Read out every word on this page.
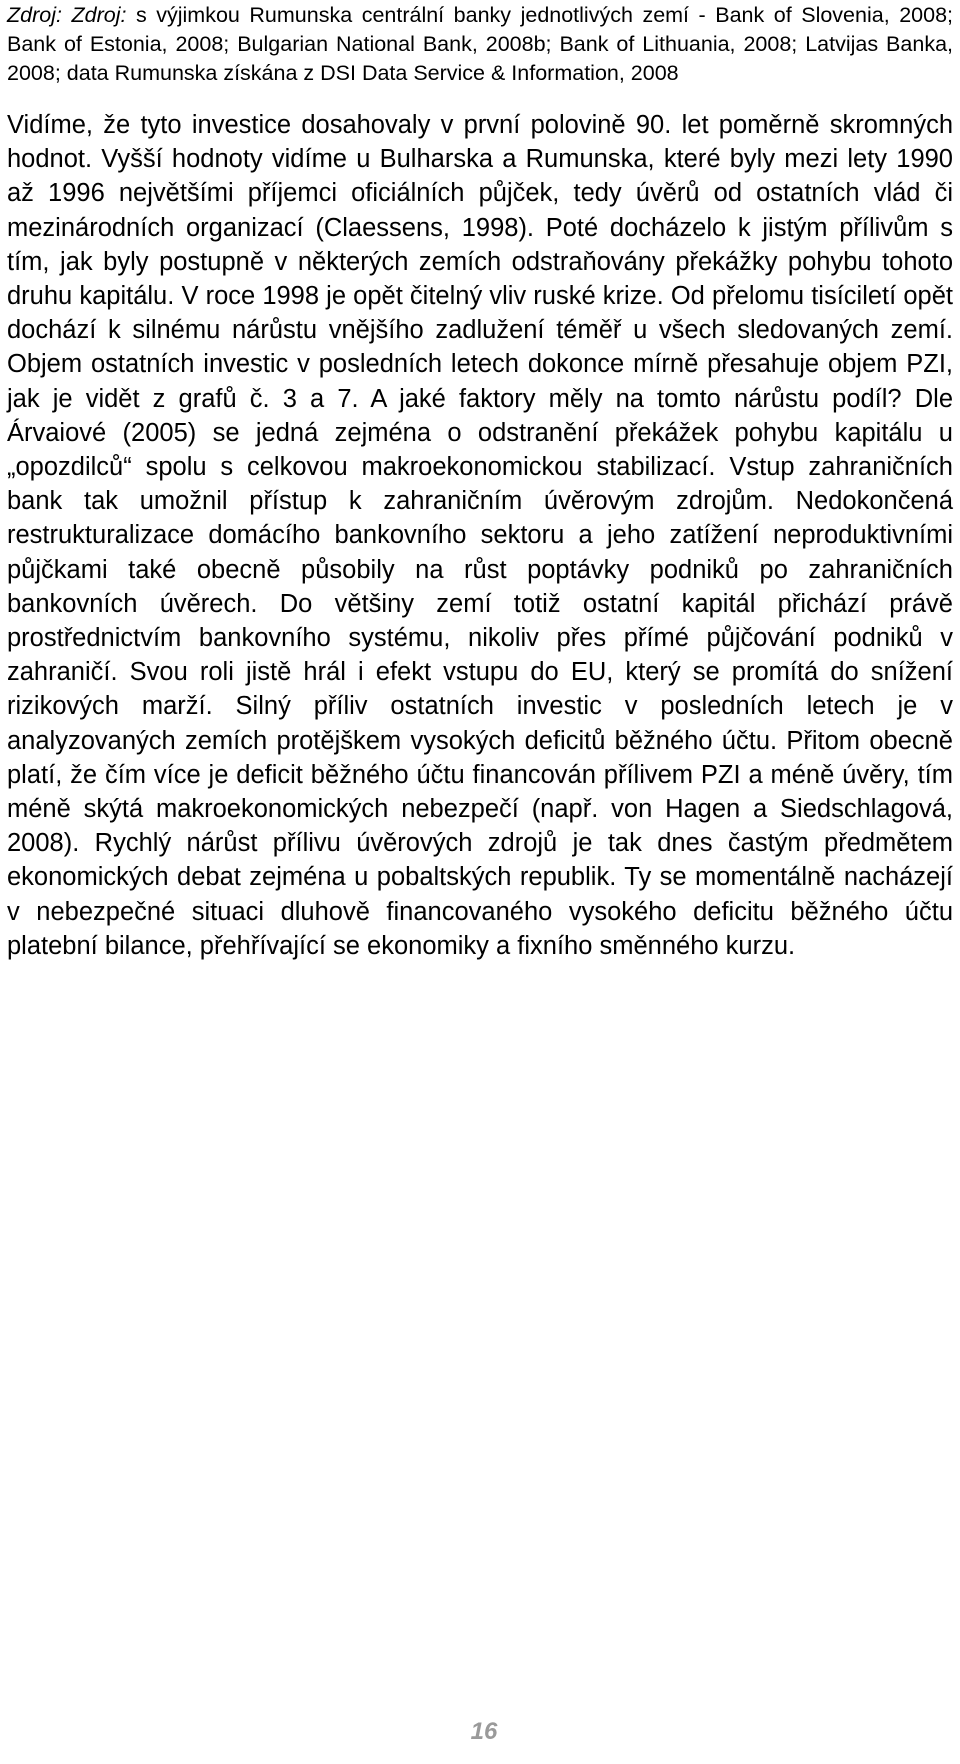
Zdroj: Zdroj: s výjimkou Rumunska centrální banky jednotlivých zemí - Bank of Slovenia, 2008; Bank of Estonia, 2008; Bulgarian National Bank, 2008b; Bank of Lithuania, 2008; Latvijas Banka, 2008; data Rumunska získána z DSI Data Service & Information, 2008

Vidíme, že tyto investice dosahovaly v první polovině 90. let poměrně skromných hodnot. Vyšší hodnoty vidíme u Bulharska a Rumunska, které byly mezi lety 1990 až 1996 největšími příjemci oficiálních půjček, tedy úvěrů od ostatních vlád či mezinárodních organizací (Claessens, 1998). Poté docházelo k jistým přílivům s tím, jak byly postupně v některých zemích odstraňovány překážky pohybu tohoto druhu kapitálu. V roce 1998 je opět čitelný vliv ruské krize. Od přelomu tisíciletí opět dochází k silnému nárůstu vnějšího zadlužení téměř u všech sledovaných zemí. Objem ostatních investic v posledních letech dokonce mírně přesahuje objem PZI, jak je vidět z grafů č. 3 a 7. A jaké faktory měly na tomto nárůstu podíl? Dle Árvaiové (2005) se jedná zejména o odstranění překážek pohybu kapitálu u „opozdilců“ spolu s celkovou makroekonomickou stabilizací. Vstup zahraničních bank tak umožnil přístup k zahraničním úvěrovým zdrojům. Nedokončená restrukturalizace domácího bankovního sektoru a jeho zatížení neproduktivními půjčkami také obecně působily na růst poptávky podniků po zahraničních bankovních úvěrech. Do většiny zemí totiž ostatní kapitál přichází právě prostřednictvím bankovního systému, nikoliv přes přímé půjčování podniků v zahraničí. Svou roli jistě hrál i efekt vstupu do EU, který se promítá do snížení rizikových marží. Silný příliv ostatních investic v posledních letech je v analyzovaných zemích protějškem vysokých deficitů běžného účtu. Přitom obecně platí, že čím více je deficit běžného účtu financován přílivem PZI a méně úvěry, tím méně skýtá makroekonomických nebezpečí (např. von Hagen a Siedschlagová, 2008). Rychlý nárůst přílivu úvěrových zdrojů je tak dnes častým předmětem ekonomických debat zejména u pobaltských republik. Ty se momentálně nacházejí v nebezpečné situaci dluhově financovaného vysokého deficitu běžného účtu platební bilance, přehřívající se ekonomiky a fixního směnného kurzu.

16
